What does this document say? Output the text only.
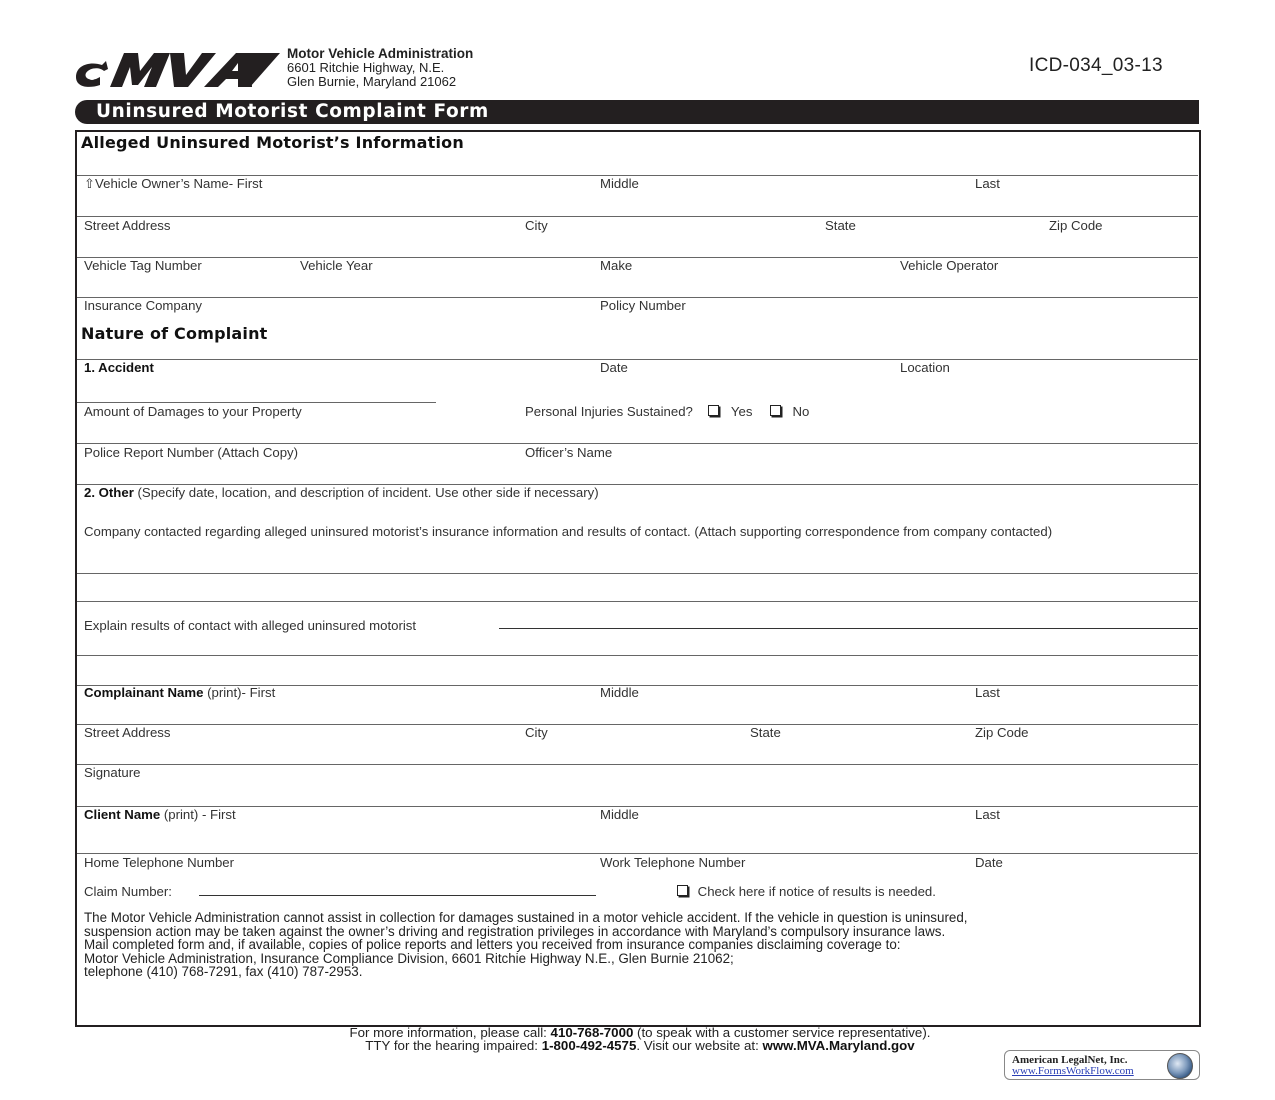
Motor Vehicle Administration
6601 Ritchie Highway, N.E.
Glen Burnie, Maryland 21062
ICD-034_03-13
Uninsured Motorist Complaint Form
Alleged Uninsured Motorist’s Information
⇧Vehicle Owner’s Name- First	Middle	Last
Street Address	City	State	Zip Code
Vehicle Tag Number	Vehicle Year	Make	Vehicle Operator
Insurance Company	Policy Number
Nature of Complaint
1. Accident	Date	Location
Amount of Damages to your Property	Personal Injuries Sustained?	Yes	No
Police Report Number (Attach Copy)	Officer’s Name
2. Other (Specify date, location, and description of incident. Use other side if necessary)
Company contacted regarding alleged uninsured motorist’s insurance information and results of contact. (Attach supporting correspondence from company contacted)
Explain results of contact with alleged uninsured motorist
Complainant Name (print)- First	Middle	Last
Street Address	City	State	Zip Code
Signature
Client Name (print) - First	Middle	Last
Home Telephone Number	Work Telephone Number	Date
Claim Number:	Check here if notice of results is needed.
The Motor Vehicle Administration cannot assist in collection for damages sustained in a motor vehicle accident. If the vehicle in question is uninsured,
suspension action may be taken against the owner’s driving and registration privileges in accordance with Maryland’s compulsory insurance laws.
Mail completed form and, if available, copies of police reports and letters you received from insurance companies disclaiming coverage to:
Motor Vehicle Administration, Insurance Compliance Division, 6601 Ritchie Highway N.E., Glen Burnie 21062;
telephone (410) 768-7291, fax (410) 787-2953.
For more information, please call: 410-768-7000 (to speak with a customer service representative).
TTY for the hearing impaired: 1-800-492-4575. Visit our website at: www.MVA.Maryland.gov
American LegalNet, Inc.
www.FormsWorkFlow.com
